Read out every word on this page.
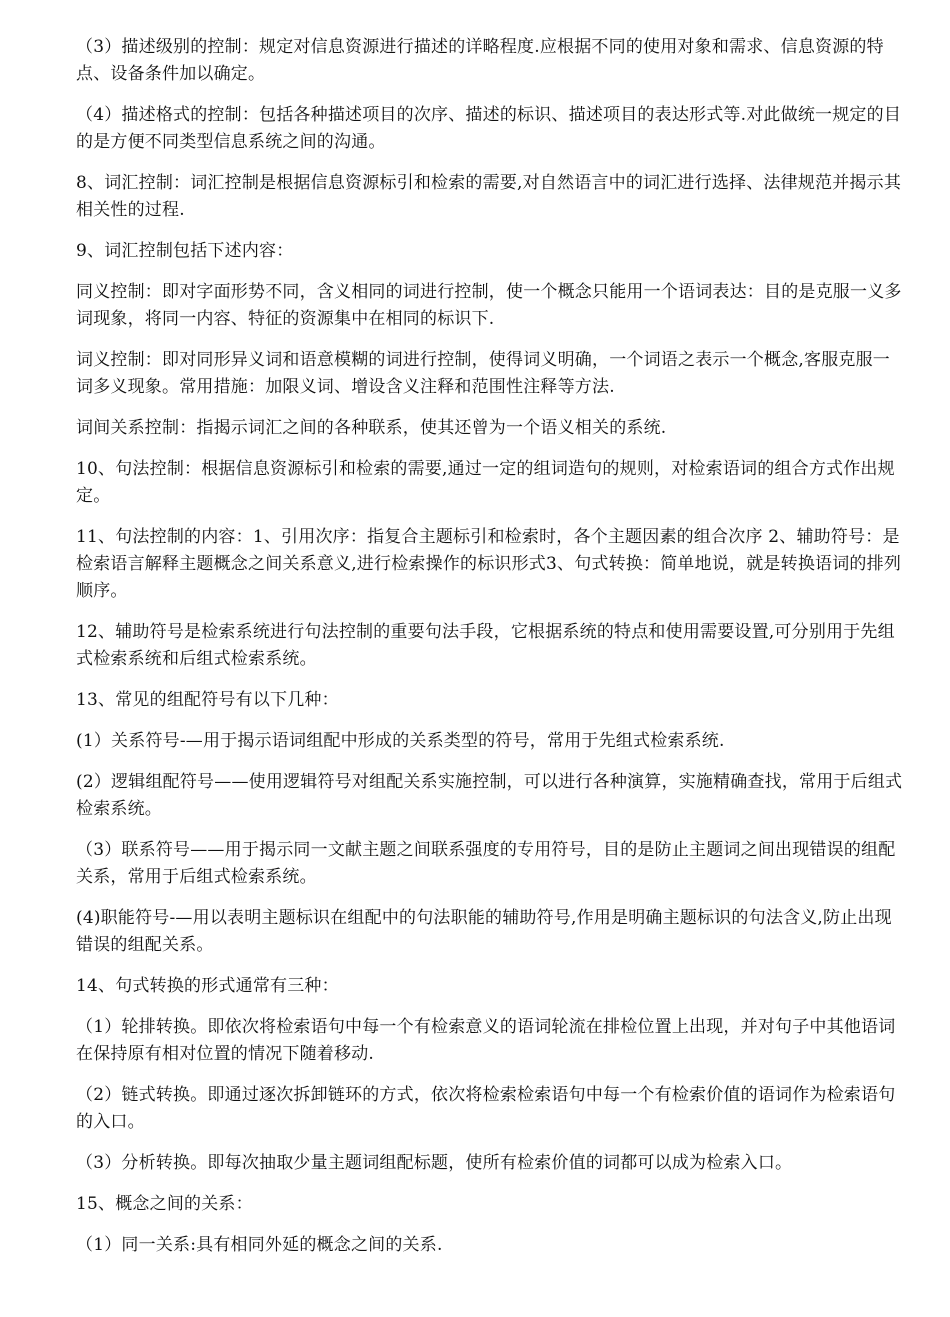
（3）描述级别的控制：规定对信息资源进行描述的详略程度.应根据不同的使用对象和需求、信息资源的特点、设备条件加以确定。

（4）描述格式的控制：包括各种描述项目的次序、描述的标识、描述项目的表达形式等.对此做统一规定的目的是方便不同类型信息系统之间的沟通。

8、词汇控制：词汇控制是根据信息资源标引和检索的需要,对自然语言中的词汇进行选择、法律规范并揭示其相关性的过程.

9、词汇控制包括下述内容：

同义控制：即对字面形势不同，含义相同的词进行控制，使一个概念只能用一个语词表达：目的是克服一义多词现象，将同一内容、特征的资源集中在相同的标识下.

词义控制：即对同形异义词和语意模糊的词进行控制，使得词义明确，一个词语之表示一个概念,客服克服一词多义现象。常用措施：加限义词、增设含义注释和范围性注释等方法.

词间关系控制：指揭示词汇之间的各种联系，使其还曾为一个语义相关的系统.

10、句法控制：根据信息资源标引和检索的需要,通过一定的组词造句的规则，对检索语词的组合方式作出规定。

11、句法控制的内容：1、引用次序：指复合主题标引和检索时，各个主题因素的组合次序 2、辅助符号：是检索语言解释主题概念之间关系意义,进行检索操作的标识形式3、句式转换：简单地说，就是转换语词的排列顺序。

12、辅助符号是检索系统进行句法控制的重要句法手段，它根据系统的特点和使用需要设置,可分别用于先组式检索系统和后组式检索系统。

13、常见的组配符号有以下几种：

(1）关系符号-—用于揭示语词组配中形成的关系类型的符号，常用于先组式检索系统.

(2）逻辑组配符号——使用逻辑符号对组配关系实施控制，可以进行各种演算，实施精确查找，常用于后组式检索系统。

（3）联系符号——用于揭示同一文献主题之间联系强度的专用符号，目的是防止主题词之间出现错误的组配关系，常用于后组式检索系统。

(4)职能符号-—用以表明主题标识在组配中的句法职能的辅助符号,作用是明确主题标识的句法含义,防止出现错误的组配关系。

14、句式转换的形式通常有三种：

（1）轮排转换。即依次将检索语句中每一个有检索意义的语词轮流在排检位置上出现，并对句子中其他语词在保持原有相对位置的情况下随着移动.

（2）链式转换。即通过逐次拆卸链环的方式，依次将检索检索语句中每一个有检索价值的语词作为检索语句的入口。

（3）分析转换。即每次抽取少量主题词组配标题，使所有检索价值的词都可以成为检索入口。

15、概念之间的关系：

（1）同一关系:具有相同外延的概念之间的关系.
